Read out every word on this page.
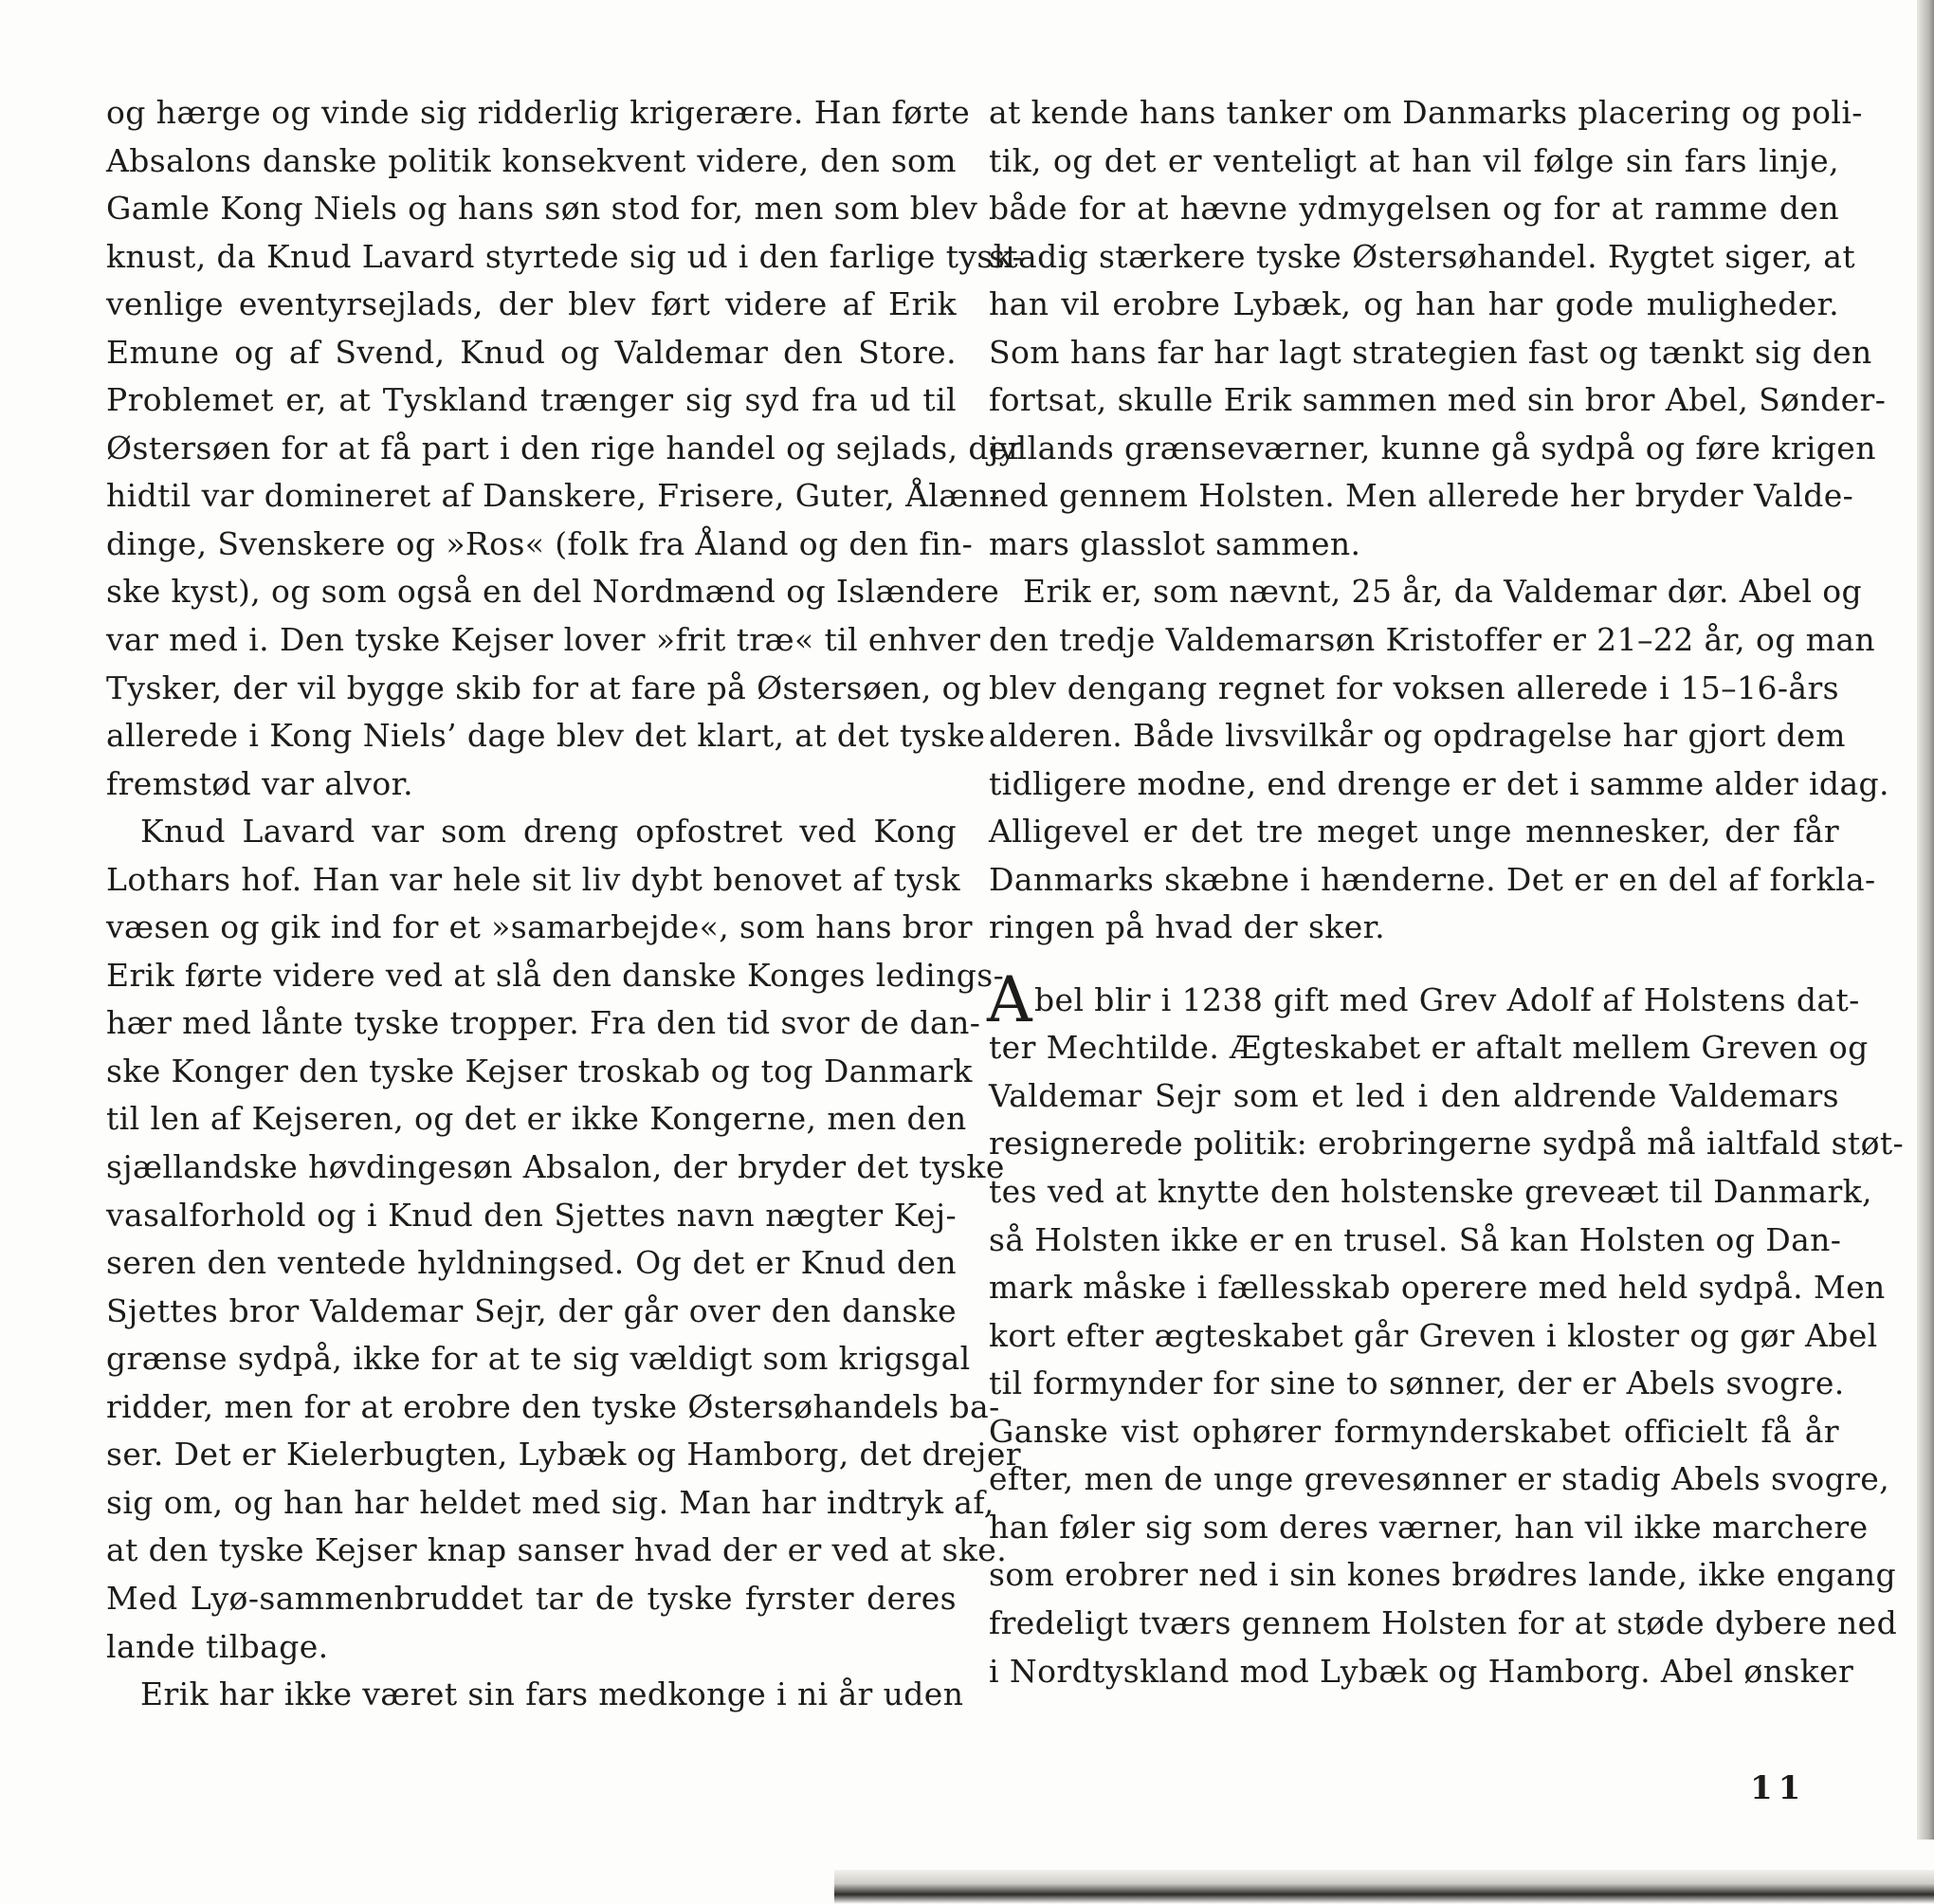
og hærge og vinde sig ridderlig krigerære. Han førte
Absalons danske politik konsekvent videre, den som
Gamle Kong Niels og hans søn stod for, men som blev
knust, da Knud Lavard styrtede sig ud i den farlige tysk-
venlige eventyrsejlads, der blev ført videre af Erik
Emune og af Svend, Knud og Valdemar den Store.
Problemet er, at Tyskland trænger sig syd fra ud til
Østersøen for at få part i den rige handel og sejlads, der
hidtil var domineret af Danskere, Frisere, Guter, Ålæn-
dinge, Svenskere og »Ros« (folk fra Åland og den fin-
ske kyst), og som også en del Nordmænd og Islændere
var med i. Den tyske Kejser lover »frit træ« til enhver
Tysker, der vil bygge skib for at fare på Østersøen, og
allerede i Kong Niels’ dage blev det klart, at det tyske
fremstød var alvor.
Knud Lavard var som dreng opfostret ved Kong
Lothars hof. Han var hele sit liv dybt benovet af tysk
væsen og gik ind for et »samarbejde«, som hans bror
Erik førte videre ved at slå den danske Konges ledings-
hær med lånte tyske tropper. Fra den tid svor de dan-
ske Konger den tyske Kejser troskab og tog Danmark
til len af Kejseren, og det er ikke Kongerne, men den
sjællandske høvdingesøn Absalon, der bryder det tyske
vasalforhold og i Knud den Sjettes navn nægter Kej-
seren den ventede hyldningsed. Og det er Knud den
Sjettes bror Valdemar Sejr, der går over den danske
grænse sydpå, ikke for at te sig vældigt som krigsgal
ridder, men for at erobre den tyske Østersøhandels ba-
ser. Det er Kielerbugten, Lybæk og Hamborg, det drejer
sig om, og han har heldet med sig. Man har indtryk af,
at den tyske Kejser knap sanser hvad der er ved at ske.
Med Lyø-sammenbruddet tar de tyske fyrster deres
lande tilbage.
Erik har ikke været sin fars medkonge i ni år uden
at kende hans tanker om Danmarks placering og poli-
tik, og det er venteligt at han vil følge sin fars linje,
både for at hævne ydmygelsen og for at ramme den
stadig stærkere tyske Østersøhandel. Rygtet siger, at
han vil erobre Lybæk, og han har gode muligheder.
Som hans far har lagt strategien fast og tænkt sig den
fortsat, skulle Erik sammen med sin bror Abel, Sønder-
jyllands grænseværner, kunne gå sydpå og føre krigen
ned gennem Holsten. Men allerede her bryder Valde-
mars glasslot sammen.
Erik er, som nævnt, 25 år, da Valdemar dør. Abel og
den tredje Valdemarsøn Kristoffer er 21–22 år, og man
blev dengang regnet for voksen allerede i 15–16-års
alderen. Både livsvilkår og opdragelse har gjort dem
tidligere modne, end drenge er det i samme alder idag.
Alligevel er det tre meget unge mennesker, der får
Danmarks skæbne i hænderne. Det er en del af forkla-
ringen på hvad der sker.
A bel blir i 1238 gift med Grev Adolf af Holstens dat-
ter Mechtilde. Ægteskabet er aftalt mellem Greven og
Valdemar Sejr som et led i den aldrende Valdemars
resignerede politik: erobringerne sydpå må ialtfald støt-
tes ved at knytte den holstenske greveæt til Danmark,
så Holsten ikke er en trusel. Så kan Holsten og Dan-
mark måske i fællesskab operere med held sydpå. Men
kort efter ægteskabet går Greven i kloster og gør Abel
til formynder for sine to sønner, der er Abels svogre.
Ganske vist ophører formynderskabet officielt få år
efter, men de unge grevesønner er stadig Abels svogre,
han føler sig som deres værner, han vil ikke marchere
som erobrer ned i sin kones brødres lande, ikke engang
fredeligt tværs gennem Holsten for at støde dybere ned
i Nordtyskland mod Lybæk og Hamborg. Abel ønsker
11
